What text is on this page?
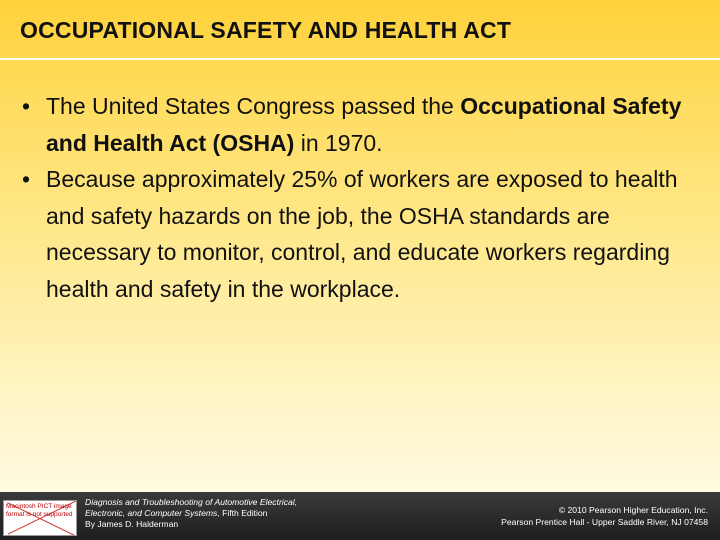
OCCUPATIONAL SAFETY AND HEALTH ACT
• The United States Congress passed the Occupational Safety and Health Act (OSHA) in 1970.
• Because approximately 25% of workers are exposed to health and safety hazards on the job, the OSHA standards are necessary to monitor, control, and educate workers regarding health and safety in the workplace.
Macintosh PICT image format is not supported
Diagnosis and Troubleshooting of Automotive Electrical,
Electronic, and Computer Systems, Fifth Edition
By James D. Halderman
© 2010 Pearson Higher Education, Inc.
Pearson Prentice Hall - Upper Saddle River, NJ 07458
